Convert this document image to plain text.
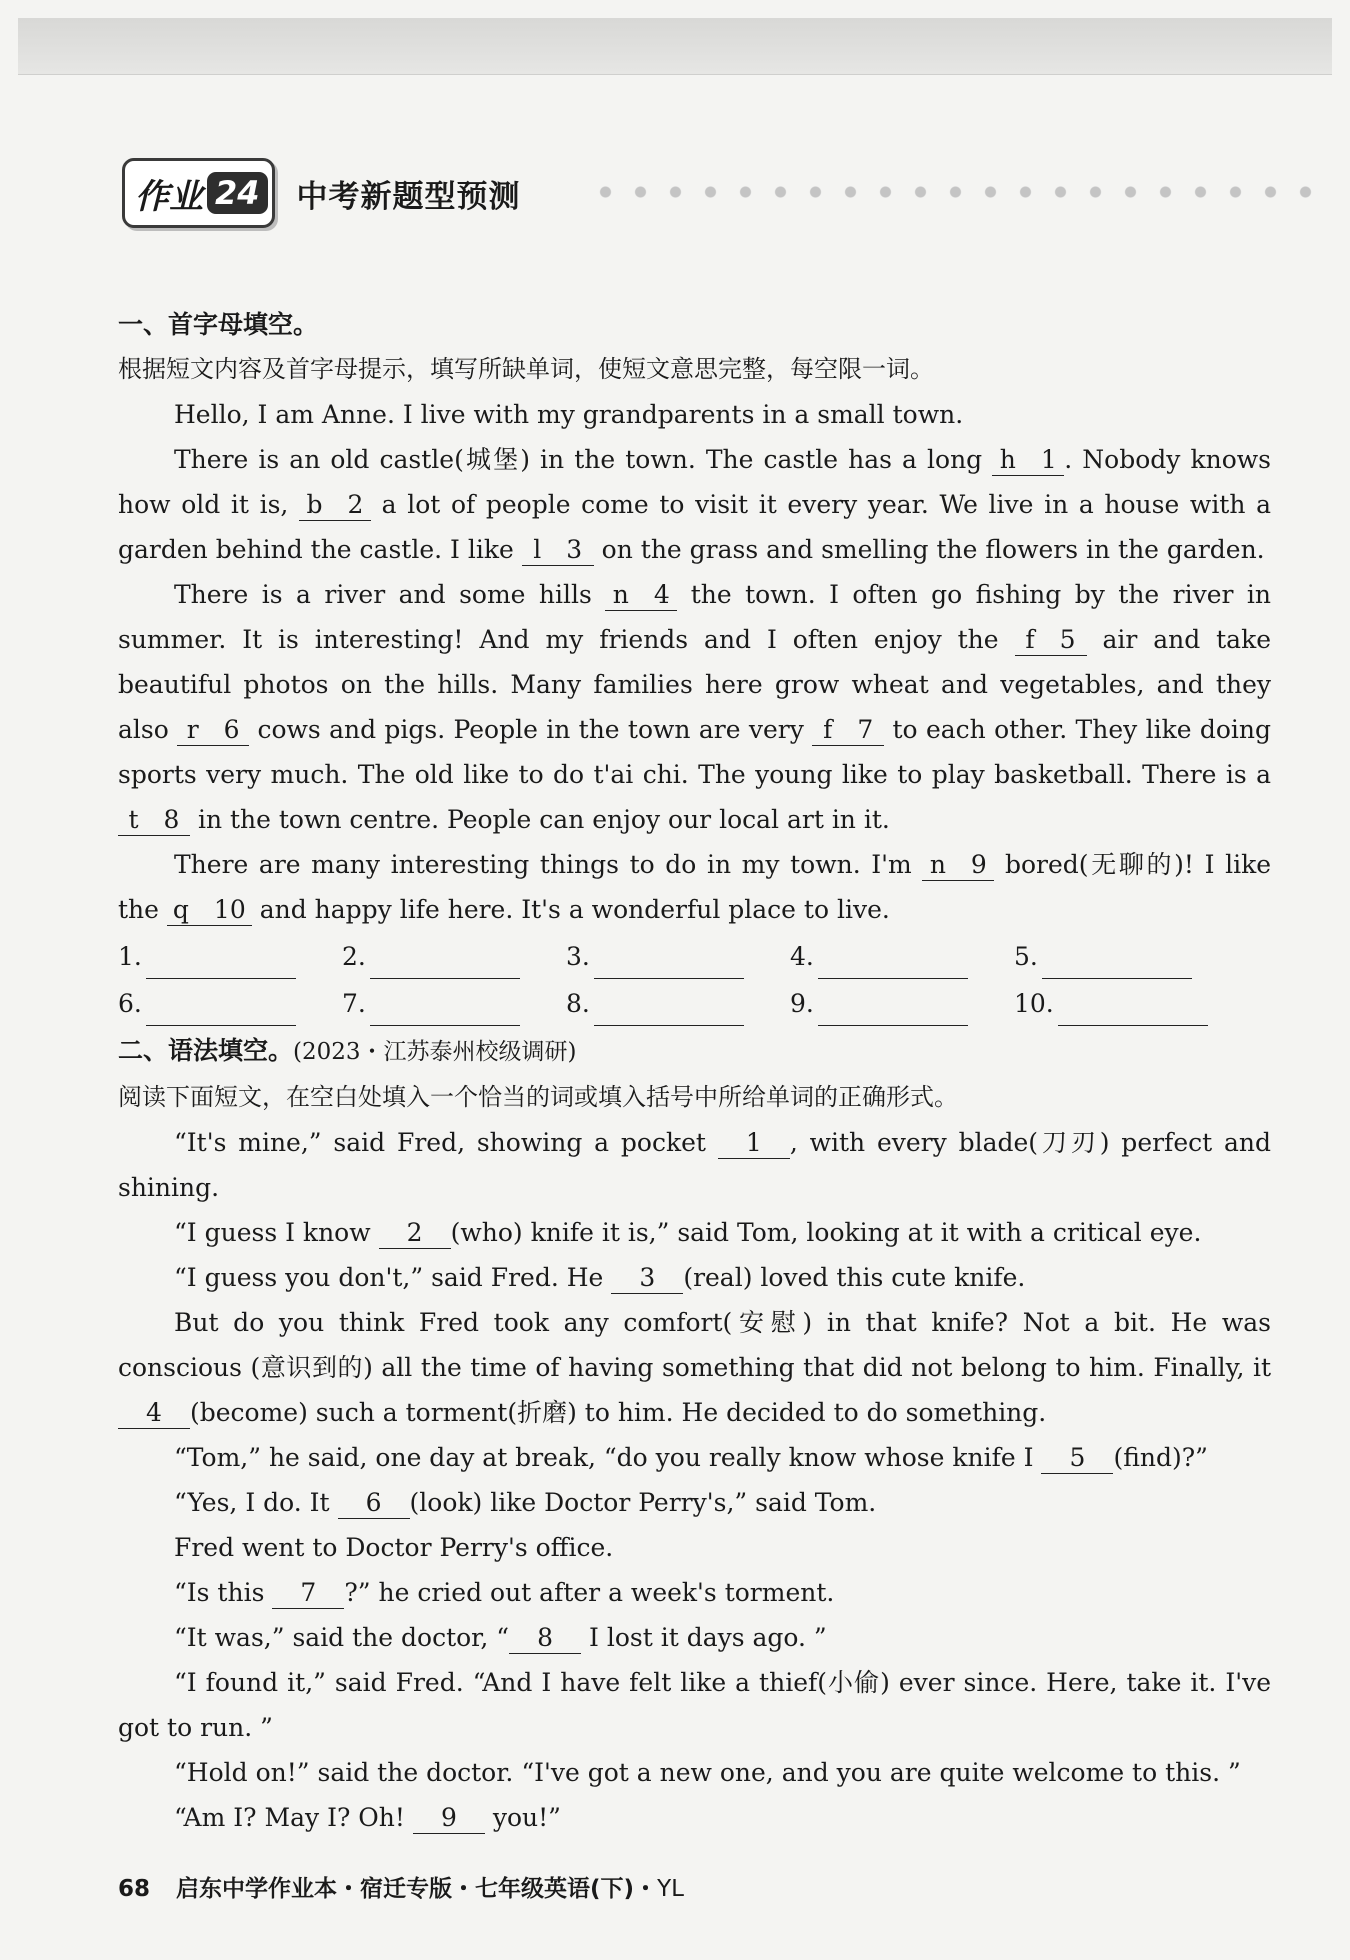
作业 24 中考新题型预测

一、首字母填空。

根据短文内容及首字母提示，填写所缺单词，使短文意思完整，每空限一词。

Hello, I am Anne. I live with my grandparents in a small town.

There is an old castle(城堡) in the town. The castle has a long h　1 . Nobody knows how old it is, b　2 a lot of people come to visit it every year. We live in a house with a garden behind the castle. I like l　3 on the grass and smelling the flowers in the garden.

There is a river and some hills n　4 the town. I often go fishing by the river in summer. It is interesting! And my friends and I often enjoy the f　5 air and take beautiful photos on the hills. Many families here grow wheat and vegetables, and they also r　6 cows and pigs. People in the town are very f　7 to each other. They like doing sports very much. The old like to do t'ai chi. The young like to play basketball. There is a t　8 in the town centre. People can enjoy our local art in it.

There are many interesting things to do in my town. I'm n　9 bored(无聊的)! I like the q　10 and happy life here. It's a wonderful place to live.

1.	2.	3.	4.	5.
6.	7.	8.	9.	10.

二、语法填空。(2023・江苏泰州校级调研)

阅读下面短文，在空白处填入一个恰当的词或填入括号中所给单词的正确形式。

“It's mine,” said Fred, showing a pocket 1 , with every blade(刀刃) perfect and shining.

“I guess I know 2 (who) knife it is,” said Tom, looking at it with a critical eye.

“I guess you don't,” said Fred. He 3 (real) loved this cute knife.

But do you think Fred took any comfort(安慰) in that knife? Not a bit. He was conscious (意识到的) all the time of having something that did not belong to him. Finally, it 4 (become) such a torment(折磨) to him. He decided to do something.

“Tom,” he said, one day at break, “do you really know whose knife I 5 (find)?”

“Yes, I do. It 6 (look) like Doctor Perry's,” said Tom.

Fred went to Doctor Perry's office.

“Is this 7 ?” he cried out after a week's torment.

“It was,” said the doctor, “ 8 I lost it days ago. ”

“I found it,” said Fred. “And I have felt like a thief(小偷) ever since. Here, take it. I've got to run. ”

“Hold on!” said the doctor. “I've got a new one, and you are quite welcome to this. ”

“Am I? May I? Oh! 9 you!”

68 启东中学作业本・宿迁专版・七年级英语(下)・YL
